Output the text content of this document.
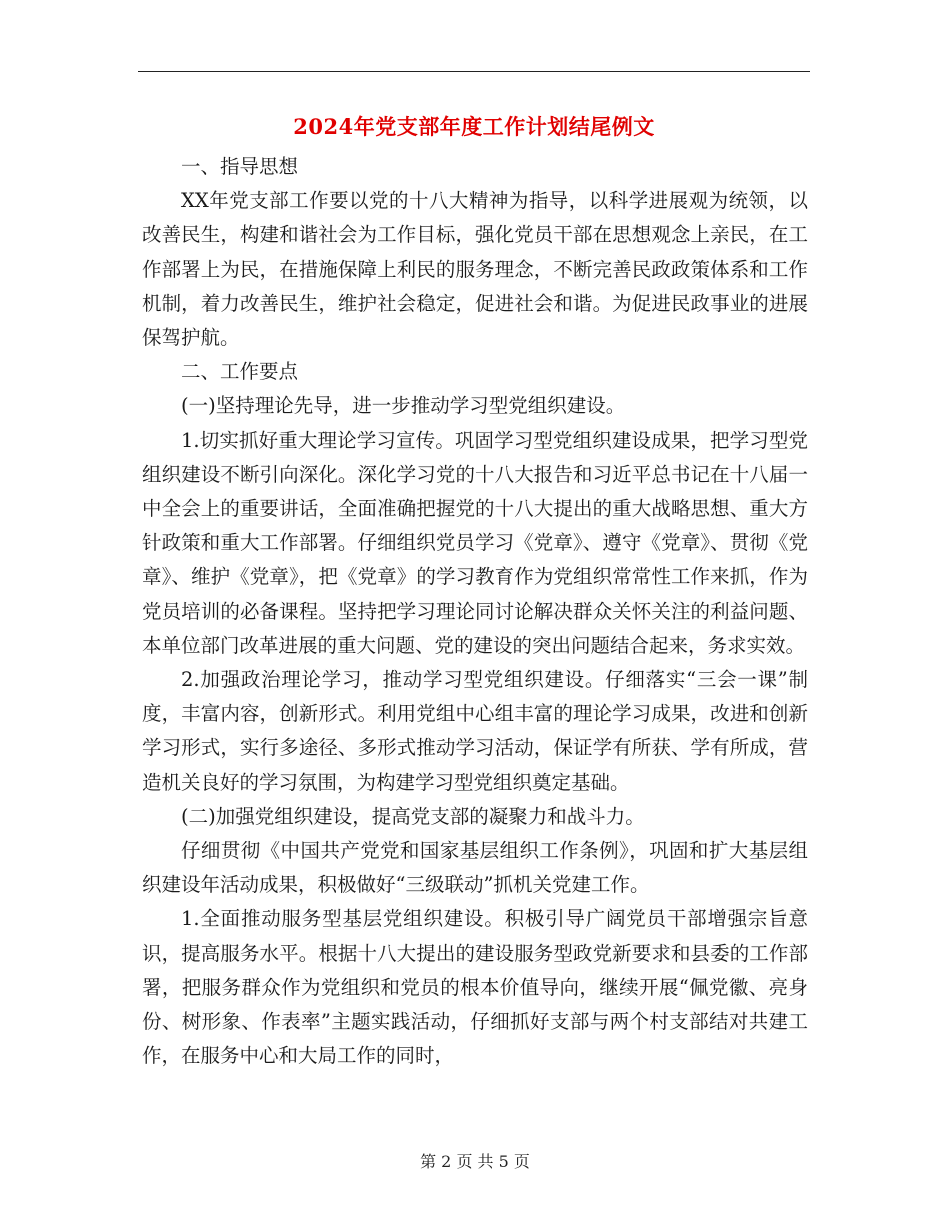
2024年党支部年度工作计划结尾例文

一、指导思想

XX年党支部工作要以党的十八大精神为指导，以科学进展观为统领，以改善民生，构建和谐社会为工作目标，强化党员干部在思想观念上亲民，在工作部署上为民，在措施保障上利民的服务理念，不断完善民政政策体系和工作机制，着力改善民生，维护社会稳定，促进社会和谐。为促进民政事业的进展保驾护航。

二、工作要点

(一)坚持理论先导，进一步推动学习型党组织建设。

1.切实抓好重大理论学习宣传。巩固学习型党组织建设成果，把学习型党组织建设不断引向深化。深化学习党的十八大报告和习近平总书记在十八届一中全会上的重要讲话，全面准确把握党的十八大提出的重大战略思想、重大方针政策和重大工作部署。仔细组织党员学习《党章》、遵守《党章》、贯彻《党章》、维护《党章》，把《党章》的学习教育作为党组织常常性工作来抓，作为党员培训的必备课程。坚持把学习理论同讨论解决群众关怀关注的利益问题、本单位部门改革进展的重大问题、党的建设的突出问题结合起来，务求实效。

2.加强政治理论学习，推动学习型党组织建设。仔细落实“三会一课”制度，丰富内容，创新形式。利用党组中心组丰富的理论学习成果，改进和创新学习形式，实行多途径、多形式推动学习活动，保证学有所获、学有所成，营造机关良好的学习氛围，为构建学习型党组织奠定基础。

(二)加强党组织建设，提高党支部的凝聚力和战斗力。

仔细贯彻《中国共产党党和国家基层组织工作条例》，巩固和扩大基层组织建设年活动成果，积极做好“三级联动”抓机关党建工作。

1.全面推动服务型基层党组织建设。积极引导广阔党员干部增强宗旨意识，提高服务水平。根据十八大提出的建设服务型政党新要求和县委的工作部署，把服务群众作为党组织和党员的根本价值导向，继续开展“佩党徽、亮身份、树形象、作表率”主题实践活动，仔细抓好支部与两个村支部结对共建工作，在服务中心和大局工作的同时，

第 2 页 共 5 页
